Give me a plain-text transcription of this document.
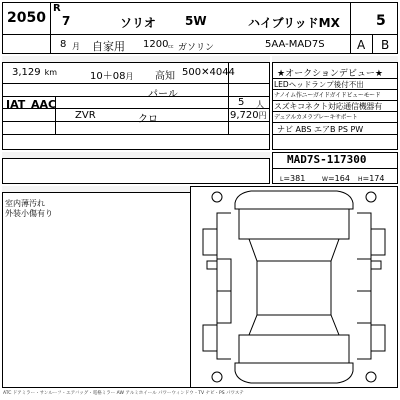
2050
R
7	ソリオ 5W	ハイブリッドMX	5
8 月 自家用 1200 cc ガソリン	5AA-MAD7S	A B
3,129 km	10＋08月 高知 500✕4044
パール
5 人
IAT AAC
ZVR	クロ	9,720円
★オークションデビュー★
LEDヘッドランプ後付不出
ナノイム作ニーガイドガイドビューモード
スズキコネクト対応通信機器有
デュアルカメラブレーキサポート
ナビ ABS エアB PS PW
MAD7S-117300
L=381	W=164 H=174
室内薄汚れ
外装小傷有り
ATC ドアミラー・サンルーフ・エアバッグ・電格ミラー AW アルミホイール パワーウィンドウ・TV ナビ・PS パワステ
